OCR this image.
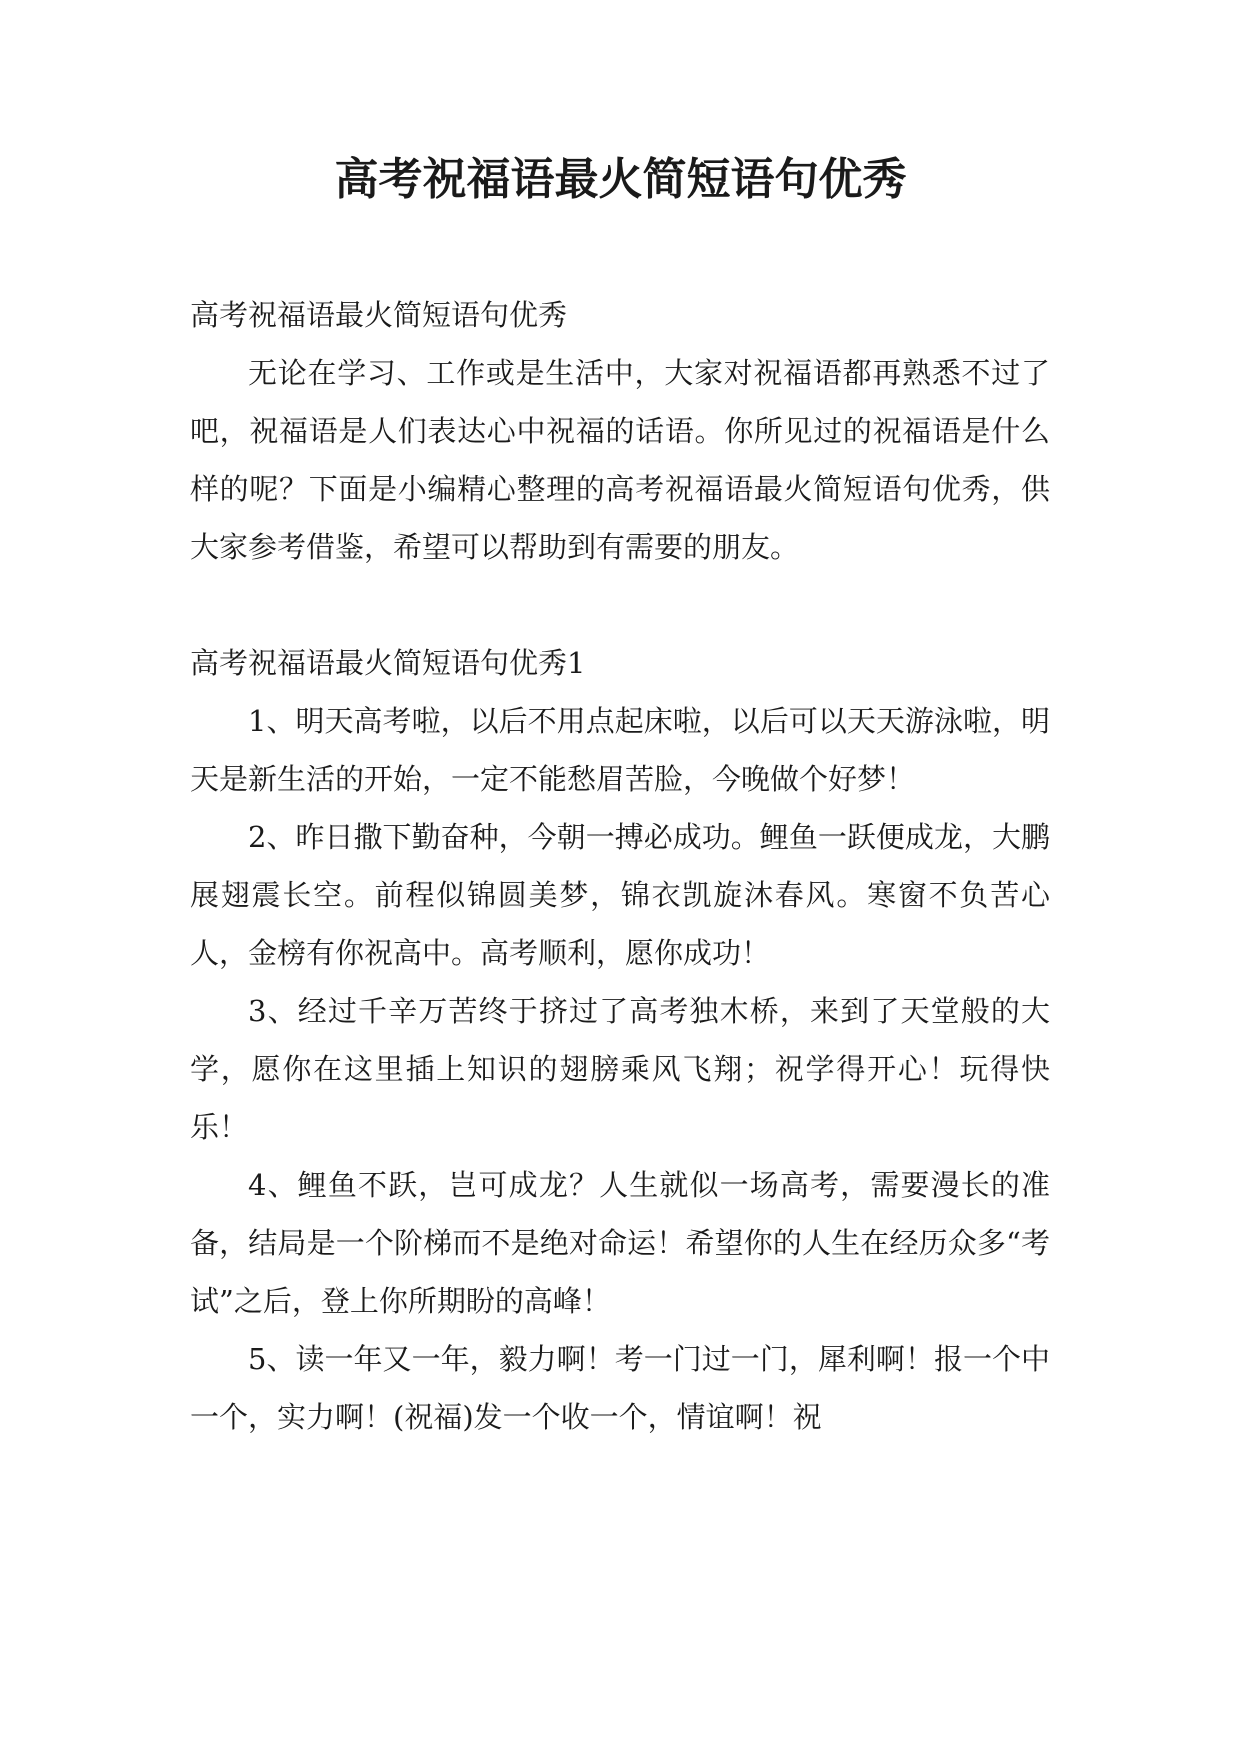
高考祝福语最火简短语句优秀

高考祝福语最火简短语句优秀

无论在学习、工作或是生活中，大家对祝福语都再熟悉不过了吧，祝福语是人们表达心中祝福的话语。你所见过的祝福语是什么样的呢？下面是小编精心整理的高考祝福语最火简短语句优秀，供大家参考借鉴，希望可以帮助到有需要的朋友。

高考祝福语最火简短语句优秀1

1、明天高考啦，以后不用点起床啦，以后可以天天游泳啦，明天是新生活的开始，一定不能愁眉苦脸，今晚做个好梦！

2、昨日撒下勤奋种，今朝一搏必成功。鲤鱼一跃便成龙，大鹏展翅震长空。前程似锦圆美梦，锦衣凯旋沐春风。寒窗不负苦心人，金榜有你祝高中。高考顺利，愿你成功！

3、经过千辛万苦终于挤过了高考独木桥，来到了天堂般的大学，愿你在这里插上知识的翅膀乘风飞翔；祝学得开心！玩得快乐！

4、鲤鱼不跃，岂可成龙？人生就似一场高考，需要漫长的准备，结局是一个阶梯而不是绝对命运！希望你的人生在经历众多“考试”之后，登上你所期盼的高峰！

5、读一年又一年，毅力啊！考一门过一门，犀利啊！报一个中一个，实力啊！(祝福)发一个收一个，情谊啊！祝
